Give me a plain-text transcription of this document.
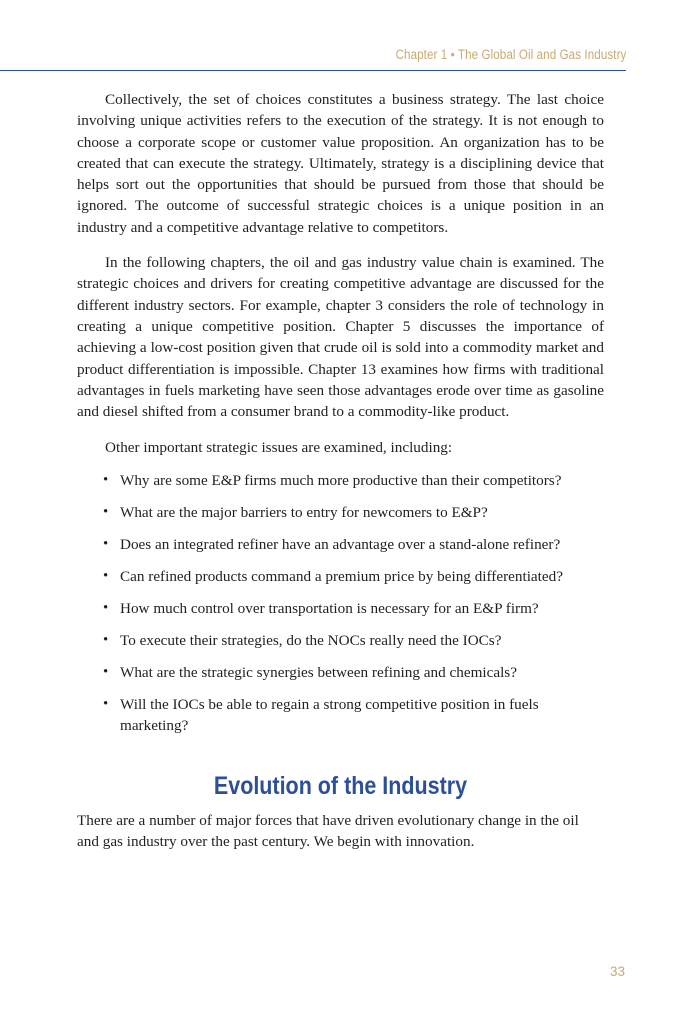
Chapter 1 • The Global Oil and Gas Industry

Collectively, the set of choices constitutes a business strategy. The last choice involving unique activities refers to the execution of the strategy. It is not enough to choose a corporate scope or customer value proposition. An organization has to be created that can execute the strategy. Ultimately, strategy is a disciplining device that helps sort out the opportunities that should be pursued from those that should be ignored. The outcome of successful strategic choices is a unique position in an industry and a competitive advantage relative to competitors.

In the following chapters, the oil and gas industry value chain is examined. The strategic choices and drivers for creating competitive advantage are discussed for the different industry sectors. For example, chapter 3 considers the role of technology in creating a unique competitive position. Chapter 5 discusses the importance of achieving a low-cost position given that crude oil is sold into a commodity market and product differentiation is impossible. Chapter 13 examines how firms with traditional advantages in fuels marketing have seen those advantages erode over time as gasoline and diesel shifted from a consumer brand to a commodity-like product.

Other important strategic issues are examined, including:

• Why are some E&P firms much more productive than their competitors?
• What are the major barriers to entry for newcomers to E&P?
• Does an integrated refiner have an advantage over a stand-alone refiner?
• Can refined products command a premium price by being differentiated?
• How much control over transportation is necessary for an E&P firm?
• To execute their strategies, do the NOCs really need the IOCs?
• What are the strategic synergies between refining and chemicals?
• Will the IOCs be able to regain a strong competitive position in fuels marketing?
Evolution of the Industry

There are a number of major forces that have driven evolutionary change in the oil and gas industry over the past century. We begin with innovation.

33
